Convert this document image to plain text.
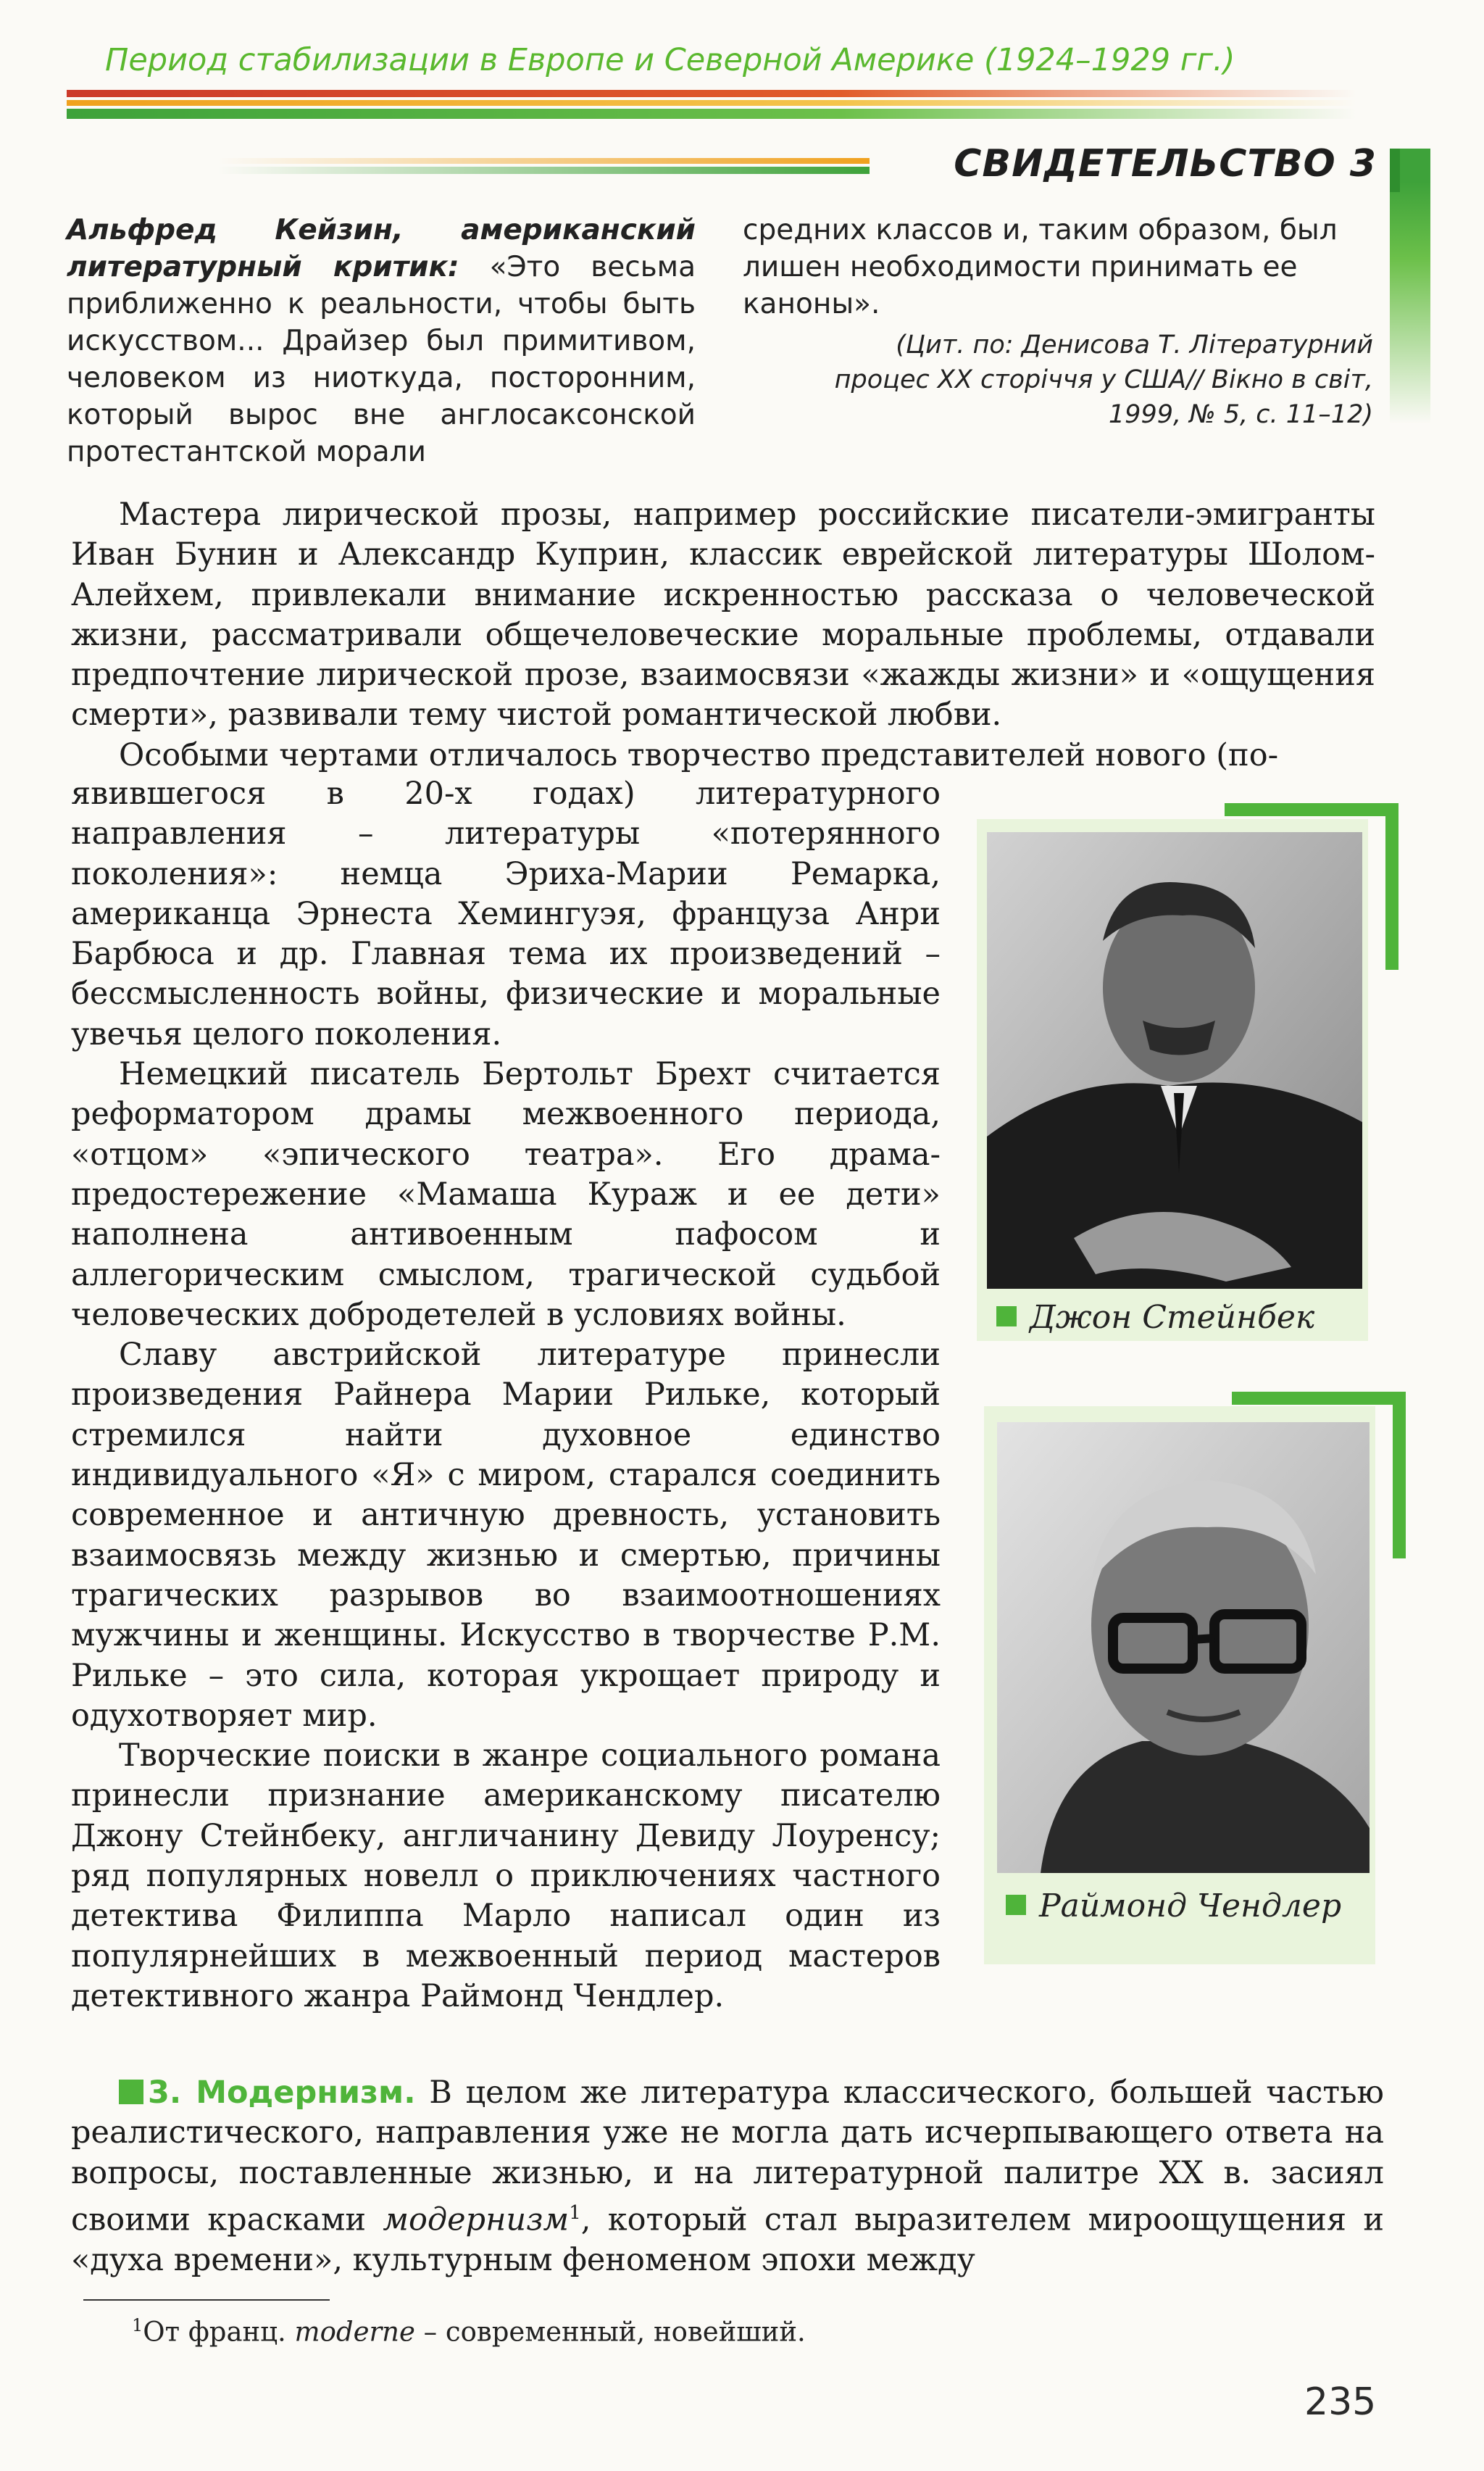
Период стабилизации в Европе и Северной Америке (1924–1929 гг.)
СВИДЕТЕЛЬСТВО 3
Альфред Кейзин, американский литературный критик: «Это весьма приближенно к реальности, чтобы быть искусством... Драйзер был примитивом, человеком из ниоткуда, посторонним, который вырос вне англосаксонской протестантской морали
средних классов и, таким образом, был лишен необходимости принимать ее каноны».
(Цит. по: Денисова Т. Літературний процес XX сторіччя у США// Вікно в світ, 1999, № 5, с. 11–12)

Мастера лирической прозы, например российские писатели-эмигранты Иван Бунин и Александр Куприн, классик еврейской литературы Шолом-Алейхем, привлекали внимание искренностью рассказа о человеческой жизни, рассматривали общечеловеческие моральные проблемы, отдавали предпочтение лирической прозе, взаимосвязи «жажды жизни» и «ощущения смерти», развивали тему чистой романтической любви.

Особыми чертами отличалось творчество представителей нового (по-

явившегося в 20-х годах) литературного направления – литературы «потерянного поколения»: немца Эриха-Марии Ремарка, американца Эрнеста Хемингуэя, француза Анри Барбюса и др. Главная тема их произведений – бессмысленность войны, физические и моральные увечья целого поколения.

Немецкий писатель Бертольт Брехт считается реформатором драмы межвоенного периода, «отцом» «эпического театра». Его драма-предостережение «Мамаша Кураж и ее дети» наполнена антивоенным пафосом и аллегорическим смыслом, трагической судьбой человеческих добродетелей в условиях войны.

Славу австрийской литературе принесли произведения Райнера Марии Рильке, который стремился найти духовное единство индивидуального «Я» с миром, старался соединить современное и античную древность, установить взаимосвязь между жизнью и смертью, причины трагических разрывов во взаимоотношениях мужчины и женщины. Искусство в творчестве Р.М. Рильке – это сила, которая укрощает природу и одухотворяет мир.

Творческие поиски в жанре социального романа принесли признание американскому писателю Джону Стейнбеку, англичанину Девиду Лоуренсу; ряд популярных новелл о приключениях частного детектива Филиппа Марло написал один из популярнейших в межвоенный период мастеров детективного жанра Раймонд Чендлер.

Джон Стейнбек
Раймонд Чендлер

3. Модернизм. В целом же литература классического, большей частью реалистического, направления уже не могла дать исчерпывающего ответа на вопросы, поставленные жизнью, и на литературной палитре XX в. засиял своими красками модернизм$^1$, который стал выразителем мироощущения и «духа времени», культурным феноменом эпохи между

$^1$От франц. moderne – современный, новейший.
235
